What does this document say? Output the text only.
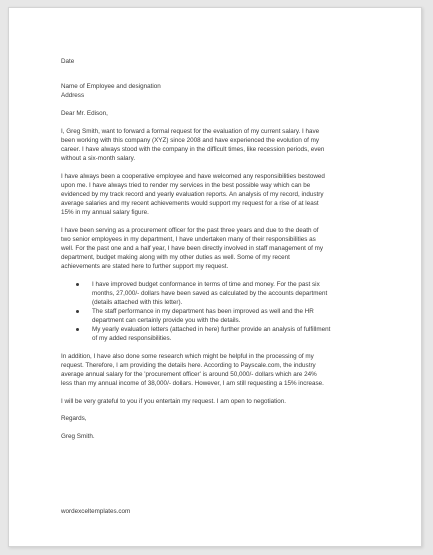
Date
Name of Employee and designation
Address
Dear Mr. Edison,
I, Greg Smith, want to forward a formal request for the evaluation of my current salary. I have
been working with this company (XYZ) since 2008 and have experienced the evolution of my
career. I have always stood with the company in the difficult times, like recession periods, even
without a six-month salary.
I have always been a cooperative employee and have welcomed any responsibilities bestowed
upon me. I have always tried to render my services in the best possible way which can be
evidenced by my track record and yearly evaluation reports. An analysis of my record, industry
average salaries and my recent achievements would support my request for a rise of at least
15% in my annual salary figure.
I have been serving as a procurement officer for the past three years and due to the death of
two senior employees in my department, I have undertaken many of their responsibilities as
well. For the past one and a half year, I have been directly involved in staff management of my
department, budget making along with my other duties as well. Some of my recent
achievements are stated here to further support my request.
I have improved budget conformance in terms of time and money. For the past six
months, 27,000/- dollars have been saved as calculated by the accounts department
(details attached with this letter).
The staff performance in my department has been improved as well and the HR
department can certainly provide you with the details.
My yearly evaluation letters (attached in here) further provide an analysis of fulfillment
of my added responsibilities.
In addition, I have also done some research which might be helpful in the processing of my
request. Therefore, I am providing the details here. According to Payscale.com, the industry
average annual salary for the 'procurement officer' is around 50,000/- dollars which are 24%
less than my annual income of 38,000/- dollars. However, I am still requesting a 15% increase.
I will be very grateful to you if you entertain my request. I am open to negotiation.
Regards,
Greg Smith.
wordexceltemplates.com
